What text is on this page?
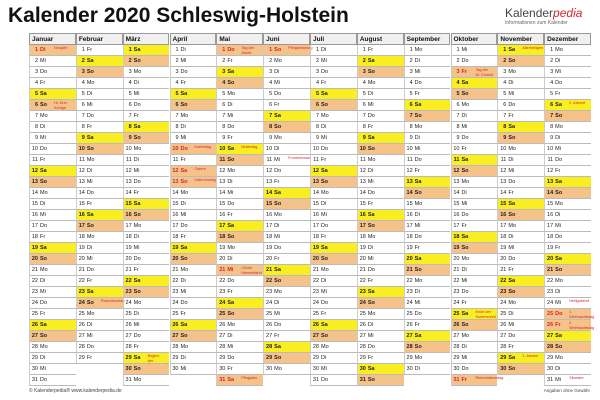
Kalender 2020 Schleswig-Holstein	Kalenderpedia
Informationen zum Kalender
Januar
1 Di Neujahr
2 Mi
3 Do
4 Fr
5 Sa
6 So Hl. Drei Könige
7 Mo
8 Di
9 Mi
10 Do
11 Fr
12 Sa
13 So
14 Mo
15 Di
16 Mi
17 Do
18 Fr
19 Sa
20 So
21 Mo
22 Di
23 Mi
24 Do
25 Fr
26 Sa
27 So
28 Mo
29 Di
30 Mi
31 Do
Februar
1 Fr
2 Sa
3 So
4 Mo
5 Di
6 Mi
7 Do
8 Fr
9 Sa
10 So
11 Mo
12 Di
13 Mi
14 Do
15 Fr
16 Sa
17 So
18 Mo
19 Di
20 Mi
21 Do
22 Fr
23 Sa
24 So Rosenmontag
25 Mo
26 Di
27 Mi
28 Do
29 Fr
März
1 Sa
2 So
3 Mo
4 Di
5 Mi
6 Do
7 Fr
8 Sa
9 So
10 Mo
11 Di
12 Mi
13 Do
14 Fr
15 Sa
16 So
17 Mo
18 Di
19 Mi
20 Do
21 Fr
22 Sa
23 So
24 Mo
25 Di
26 Mi
27 Do
28 Fr
29 Sa Beginn der
30 So
31 Mo
April
1 Di
2 Mi
3 Do
4 Fr
5 Sa
6 So
7 Mo
8 Di
9 Mi
10 Do Karfreitag
11 Fr
12 Sa Ostern
13 So Ostermontag
14 Mo
15 Di
16 Mi
17 Do
18 Fr
19 Sa
20 So
21 Mo
22 Di
23 Mi
24 Do
25 Fr
26 Sa
27 So
28 Mo
29 Di
30 Mi
Mai
1 Do Tag der Arbeit
2 Fr
3 Sa
4 So
5 Mo
6 Di
7 Mi
8 Do
9 Fr
10 Sa Muttertag
11 So
12 Mo
13 Di
14 Mi
15 Do
16 Fr
17 Sa
18 So
19 Mo
20 Di
21 Mi Christi Himmelfahrt
22 Do
23 Fr
24 Sa
25 So
26 Mo
27 Di
28 Mi
29 Do
30 Fr
31 Sa Pfingsten
Juni
1 So Pfingstmontag
2 Mo
3 Di
4 Mi
5 Do
6 Fr
7 Sa
8 So
9 Mo
10 Di
11 Mi Fronleichnam
12 Do
13 Fr
14 Sa
15 So
16 Mo
17 Di
18 Mi
19 Do
20 Fr
21 Sa
22 So
23 Mo
24 Di
25 Mi
26 Do
27 Fr
28 Sa
29 So
30 Mo
Juli
1 Di
2 Mi
3 Do
4 Fr
5 Sa
6 So
7 Mo
8 Di
9 Mi
10 Do
11 Fr
12 Sa
13 So
14 Mo
15 Di
16 Mi
17 Do
18 Fr
19 Sa
20 So
21 Mo
22 Di
23 Mi
24 Do
25 Fr
26 Sa
27 So
28 Mo
29 Di
30 Mi
31 Do
August
1 Fr
2 Sa
3 So
4 Mo
5 Di
6 Mi
7 Do
8 Fr
9 Sa
10 So
11 Mo
12 Di
13 Mi
14 Do
15 Fr
16 Sa
17 So
18 Mo
19 Di
20 Mi
21 Do
22 Fr
23 Sa
24 So
25 Mo
26 Di
27 Mi
28 Do
29 Fr
30 Sa
31 So
September
1 Mo
2 Di
3 Mi
4 Do
5 Fr
6 Sa
7 So
8 Mo
9 Di
10 Mi
11 Do
12 Fr
13 Sa
14 So
15 Mo
16 Di
17 Mi
18 Do
19 Fr
20 Sa
21 So
22 Mo
23 Di
24 Mi
25 Do
26 Fr
27 Sa
28 So
29 Mo
30 Di
Oktober
1 Mi
2 Do
3 Fr Tag der Dt. Einheit
4 Sa
5 So
6 Mo
7 Di
8 Mi
9 Do
10 Fr
11 Sa
12 So
13 Mo
14 Di
15 Mi
16 Do
17 Fr
18 Sa
19 So
20 Mo
21 Di
22 Mi
23 Do
24 Fr
25 Sa Ende der Sommerzeit
26 So
27 Mo
28 Di
29 Mi
30 Do
31 Fr Reformationstag
November
1 Sa Allerheiligen
2 So
3 Mo
4 Di
5 Mi
6 Do
7 Fr
8 Sa
9 So
10 Mo
11 Di
12 Mi
13 Do
14 Fr
15 Sa
16 So
17 Mo
18 Di
19 Mi
20 Do
21 Fr
22 Sa
23 So
24 Mo
25 Di
26 Mi
27 Do
28 Fr
29 Sa 1. Advent
30 So
Dezember
1 Mo
2 Di
3 Mi
4 Do
5 Fr
6 Sa 2. Advent
7 So
8 Mo
9 Di
10 Mi
11 Do
12 Fr
13 Sa
14 So
15 Mo
16 Di
17 Mi
18 Do
19 Fr
20 Sa
21 So
22 Mo
23 Di
24 Mi Heiligabend
25 Do 1. Weihnachtstag
26 Fr 2. Weihnachtstag
27 Sa
28 So
29 Mo
30 Di
31 Mi Silvester
© Kalenderpedia® www.kalenderpedia.de	Angaben ohne Gewähr
